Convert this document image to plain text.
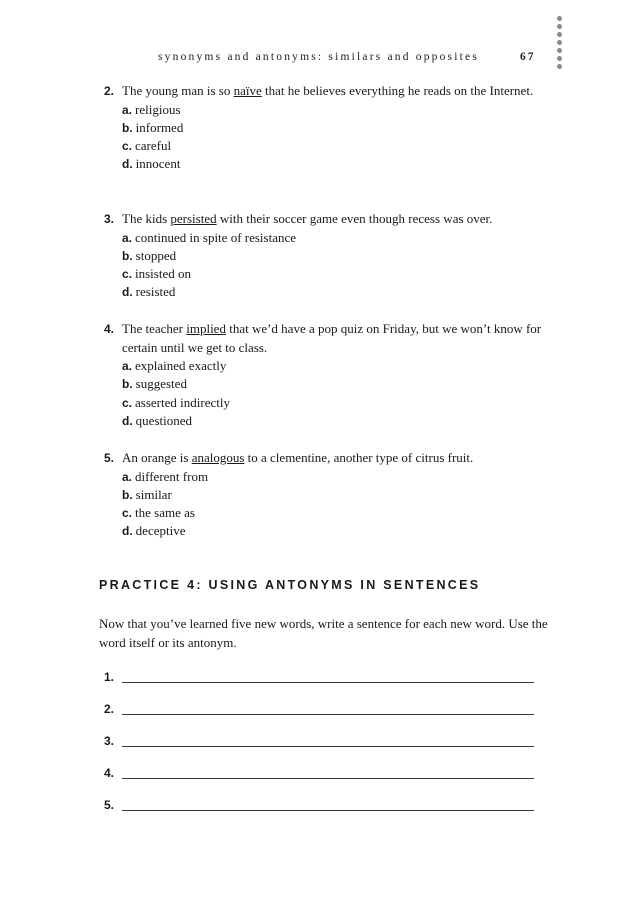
synonyms and antonyms: similars and opposites	67
2. The young man is so naïve that he believes everything he reads on the Internet.
a. religious
b. informed
c. careful
d. innocent
3. The kids persisted with their soccer game even though recess was over.
a. continued in spite of resistance
b. stopped
c. insisted on
d. resisted
4. The teacher implied that we’d have a pop quiz on Friday, but we won’t know for certain until we get to class.
a. explained exactly
b. suggested
c. asserted indirectly
d. questioned
5. An orange is analogous to a clementine, another type of citrus fruit.
a. different from
b. similar
c. the same as
d. deceptive
PRACTICE 4: USING ANTONYMS IN SENTENCES
Now that you’ve learned five new words, write a sentence for each new word. Use the word itself or its antonym.
1.
2.
3.
4.
5.
